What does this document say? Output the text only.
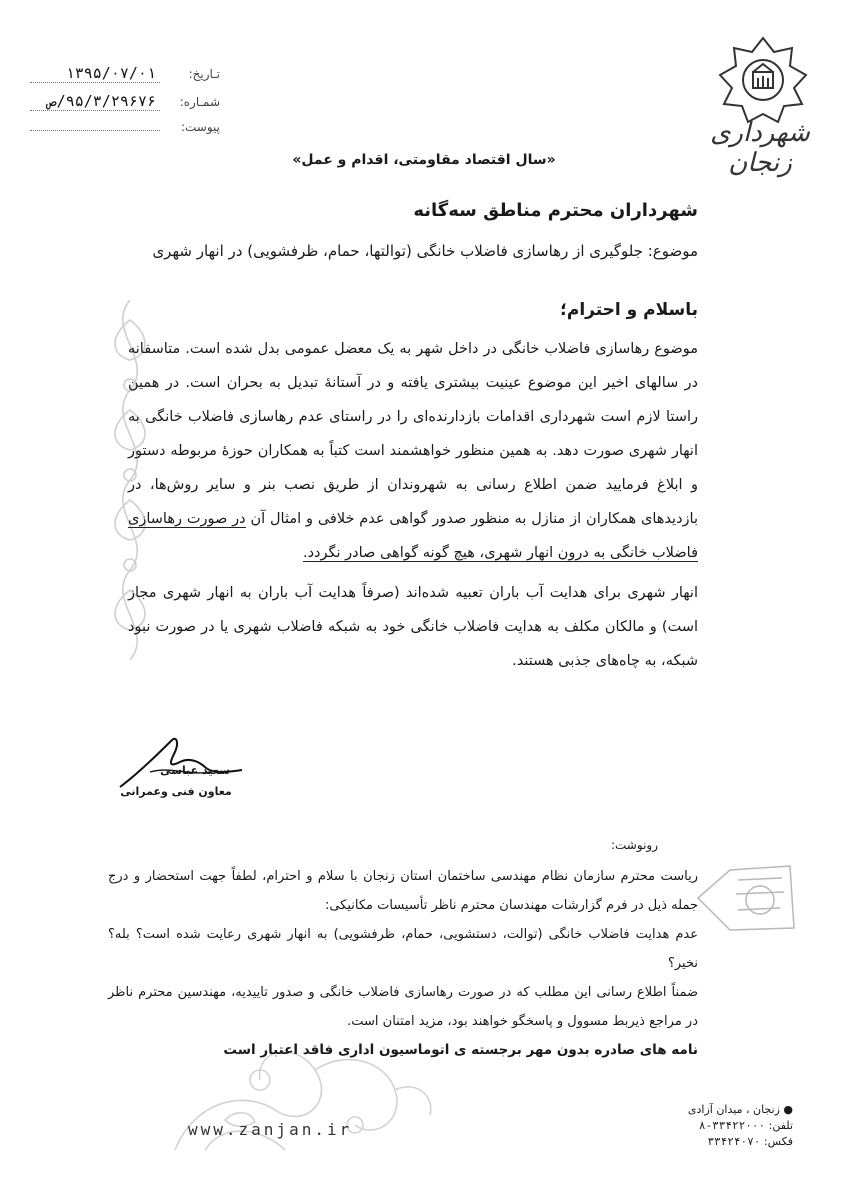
شهرداری زنجان
تـاریخ:
۱۳۹۵/۰۷/۰۱
شمـاره:
۹۵/۳/۲۹۶۷۶/ص
پیوست:
«سال اقتصاد مقاومتی، اقدام و عمل»
شهرداران محترم مناطق سه‌گانه
موضوع: جلوگیری از رهاسازی فاضلاب خانگی (توالتها، حمام، ظرفشویی) در انهار شهری
باسلام و احترام؛

موضوع رهاسازی فاضلاب خانگی در داخل شهر به یک معضل عمومی بدل شده است. متاسفانه در سالهای اخیر این موضوع عینیت بیشتری یافته و در آستانهٔ تبدیل به بحران است. در همین راستا لازم است شهرداری اقدامات بازدارنده‌ای را در راستای عدم رهاسازی فاضلاب خانگی به انهار شهری صورت دهد. به همین منظور خواهشمند است کتباً به همکاران حوزهٔ مربوطه دستور و ابلاغ فرمایید ضمن اطلاع رسانی به شهروندان از طریق نصب بنر و سایر روش‌ها، در بازدیدهای همکاران از منازل به منظور صدور گواهی عدم خلافی و امثال آن در صورت رهاسازی فاضلاب خانگی به درون انهار شهری، هیچ گونه گواهی صادر نگردد.

انهار شهری برای هدایت آب باران تعبیه شده‌اند (صرفاً هدایت آب باران به انهار شهری مجاز است) و مالکان مکلف به هدایت فاضلاب خانگی خود به شبکه فاضلاب شهری یا در صورت نبود شبکه، به چاه‌های جذبی هستند.

سعید عباسی
معاون فنی وعمرانی
رونوشت:

ریاست محترم سازمان نظام مهندسی ساختمان استان زنجان با سلام و احترام، لطفاً جهت استحضار و درج جمله ذیل در فرم گزارشات مهندسان محترم ناظر تأسیسات مکانیکی:

عدم هدایت فاضلاب خانگی (توالت، دستشویی، حمام، ظرفشویی) به انهار شهری رعایت شده است؟ بله؟ نخیر؟

ضمناً اطلاع رسانی این مطلب که در صورت رهاسازی فاضلاب خانگی و صدور تاییدیه، مهندسین محترم ناظر در مراجع ذیربط مسوول و پاسخگو خواهند بود، مزید امتنان است.

نامه های صادره بدون مهر برجسته ی اتوماسیون اداری فاقد اعتبار است

www.zanjan.ir
● زنجان ، میدان آزادی
تلفن: ۳۳۴۲۲۰۰۰-۸
فکس: ۳۳۴۲۴۰۷۰
